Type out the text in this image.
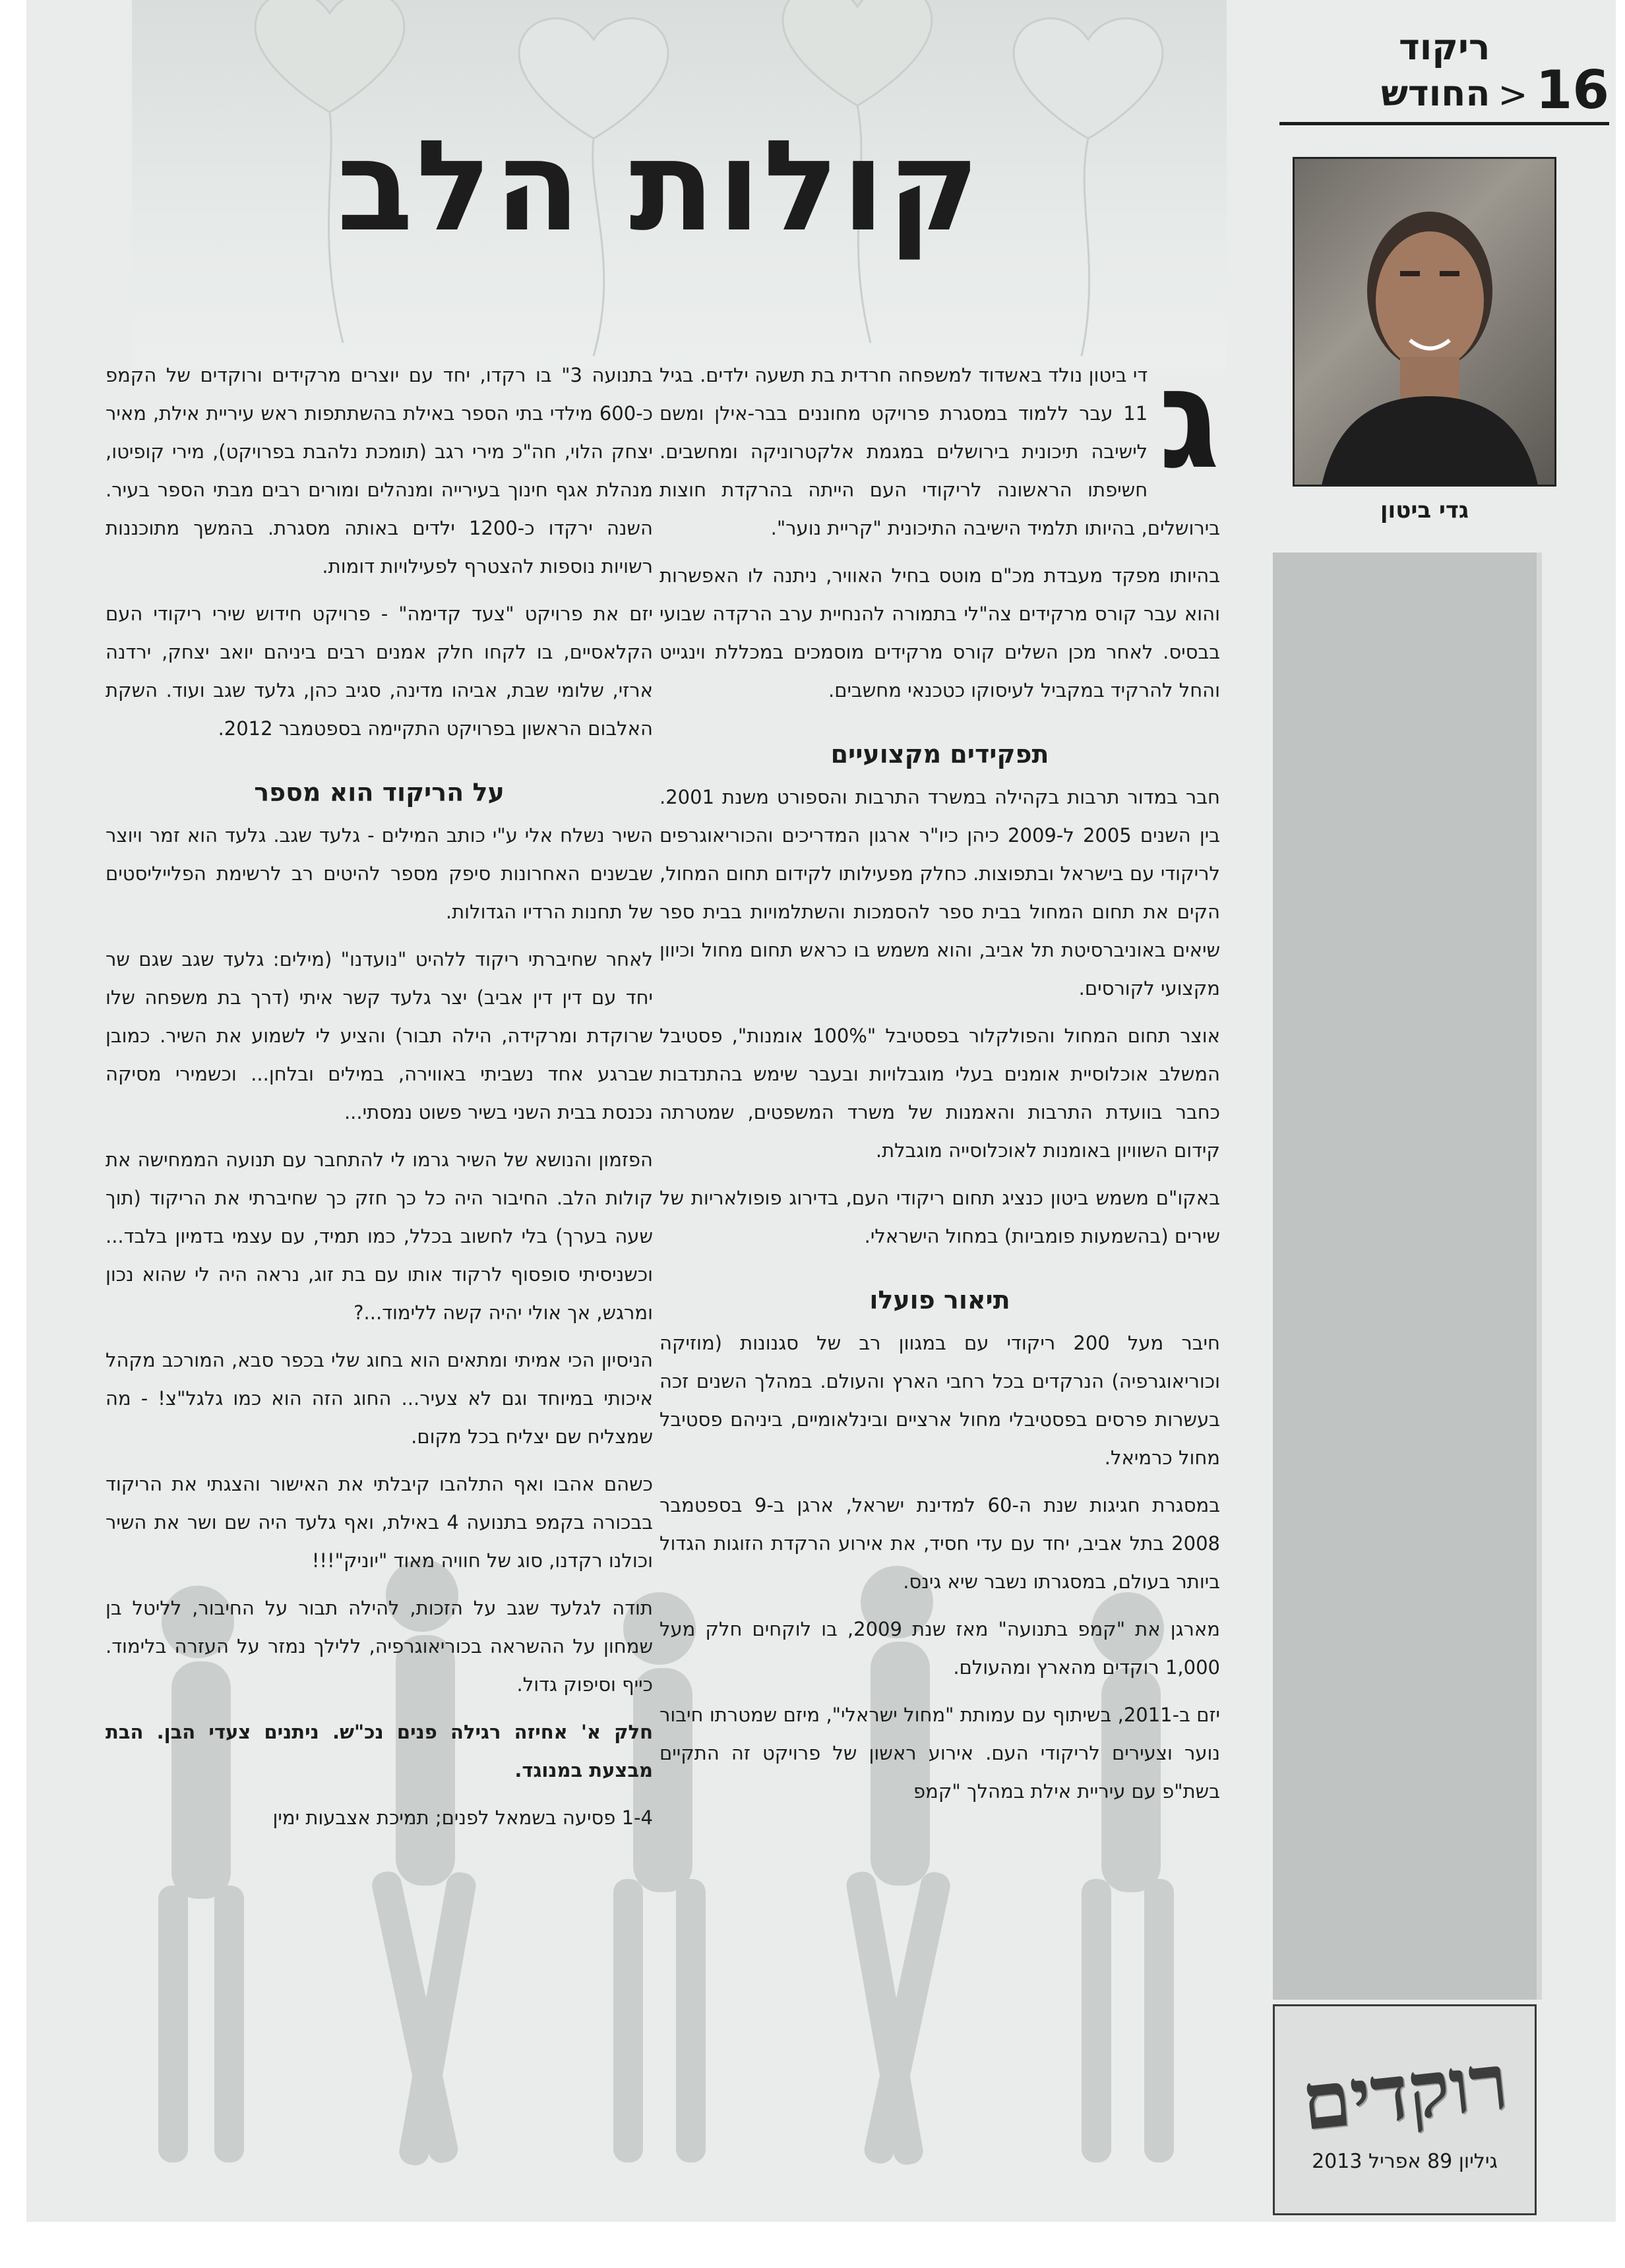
16
<
ריקוד החודש
קולות הלב
גדי ביטון
רוקדים
גיליון 89 אפריל 2013

ג
די ביטון נולד באשדוד למשפחה חרדית בת תשעה ילדים. בגיל 11 עבר ללמוד במסגרת פרויקט מחוננים בבר-אילן ומשם לישיבה תיכונית בירושלים במגמת אלקטרוניקה ומחשבים. חשיפתו הראשונה לריקודי העם הייתה בהרקדת חוצות בירושלים, בהיותו תלמיד הישיבה התיכונית "קריית נוער".

בהיותו מפקד מעבדת מכ"ם מוטס בחיל האוויר, ניתנה לו האפשרות והוא עבר קורס מרקידים צה"לי בתמורה להנחיית ערב הרקדה שבועי בבסיס. לאחר מכן השלים קורס מרקידים מוסמכים במכללת וינגייט והחל להרקיד במקביל לעיסוקו כטכנאי מחשבים.

תפקידים מקצועיים

חבר במדור תרבות בקהילה במשרד התרבות והספורט משנת 2001. בין השנים 2005 ל-2009 כיהן כיו"ר ארגון המדריכים והכוריאוגרפים לריקודי עם בישראל ובתפוצות. כחלק מפעילותו לקידום תחום המחול, הקים את תחום המחול בבית ספר להסמכות והשתלמויות בבית ספר שיאים באוניברסיטת תל אביב, והוא משמש בו כראש תחום מחול וכיוון מקצועי לקורסים.

אוצר תחום המחול והפולקלור בפסטיבל "100% אומנות", פסטיבל המשלב אוכלוסיית אומנים בעלי מוגבלויות ובעבר שימש בהתנדבות כחבר בוועדת התרבות והאמנות של משרד המשפטים, שמטרתה קידום השוויון באומנות לאוכלוסייה מוגבלת.

באקו"ם משמש ביטון כנציג תחום ריקודי העם, בדירוג פופולאריות של שירים (בהשמעות פומביות) במחול הישראלי.

תיאור פועלו

חיבר מעל 200 ריקודי עם במגוון רב של סגנונות (מוזיקה וכוריאוגרפיה) הנרקדים בכל רחבי הארץ והעולם. במהלך השנים זכה בעשרות פרסים בפסטיבלי מחול ארציים ובינלאומיים, ביניהם פסטיבל מחול כרמיאל.

במסגרת חגיגות שנת ה-60 למדינת ישראל, ארגן ב-9 בספטמבר 2008 בתל אביב, יחד עם עדי חסיד, את אירוע הרקדת הזוגות הגדול ביותר בעולם, במסגרתו נשבר שיא גינס.

מארגן את "קמפ בתנועה" מאז שנת 2009, בו לוקחים חלק מעל 1,000 רוקדים מהארץ ומהעולם.

יזם ב-2011, בשיתוף עם עמותת "מחול ישראלי", מיזם שמטרתו חיבור נוער וצעירים לריקודי העם. אירוע ראשון של פרויקט זה התקיים בשת"פ עם עיריית אילת במהלך "קמפ

בתנועה 3" בו רקדו, יחד עם יוצרים מרקידים ורוקדים של הקמפ כ-600 מילדי בתי הספר באילת בהשתתפות ראש עיריית אילת, מאיר יצחק הלוי, חה"כ מירי רגב (תומכת נלהבת בפרויקט), מירי קופיטו, מנהלת אגף חינוך בעירייה ומנהלים ומורים רבים מבתי הספר בעיר. השנה ירקדו כ-1200 ילדים באותה מסגרת. בהמשך מתוכננות רשויות נוספות להצטרף לפעילויות דומות.

יזם את פרויקט "צעד קדימה" - פרויקט חידוש שירי ריקודי העם הקלאסיים, בו לקחו חלק אמנים רבים ביניהם יואב יצחק, ירדנה ארזי, שלומי שבת, אביהו מדינה, סגיב כהן, גלעד שגב ועוד. השקת האלבום הראשון בפרויקט התקיימה בספטמבר 2012.

על הריקוד הוא מספר

השיר נשלח אלי ע"י כותב המילים - גלעד שגב. גלעד הוא זמר ויוצר שבשנים האחרונות סיפק מספר להיטים רב לרשימת הפלייליסטים של תחנות הרדיו הגדולות.

לאחר שחיברתי ריקוד ללהיט "נועדנו" (מילים: גלעד שגב שגם שר יחד עם דין דין אביב) יצר גלעד קשר איתי (דרך בת משפחה שלו שרוקדת ומרקידה, הילה תבור) והציע לי לשמוע את השיר. כמובן שברגע אחד נשביתי באווירה, במילים ובלחן... וכשמירי מסיקה נכנסת בבית השני בשיר פשוט נמסתי...

הפזמון והנושא של השיר גרמו לי להתחבר עם תנועה הממחישה את קולות הלב. החיבור היה כל כך חזק כך שחיברתי את הריקוד (תוך שעה בערך) בלי לחשוב בכלל, כמו תמיד, עם עצמי בדמיון בלבד... וכשניסיתי סופסוף לרקוד אותו עם בת זוג, נראה היה לי שהוא נכון ומרגש, אך אולי יהיה קשה ללימוד...?

הניסיון הכי אמיתי ומתאים הוא בחוג שלי בכפר סבא, המורכב מקהל איכותי במיוחד וגם לא צעיר... החוג הזה הוא כמו גלגל"צ! - מה שמצליח שם יצליח בכל מקום.

כשהם אהבו ואף התלהבו קיבלתי את האישור והצגתי את הריקוד בבכורה בקמפ בתנועה 4 באילת, ואף גלעד היה שם ושר את השיר וכולנו רקדנו, סוג של חוויה מאוד "יוניק"!!!

תודה לגלעד שגב על הזכות, להילה תבור על החיבור, לליטל בן שמחון על ההשראה בכוריאוגרפיה, ללילך נמזר על העזרה בלימוד. כייף וסיפוק גדול.

חלק א' אחיזה רגילה פנים נכ"ש. ניתנים צעדי הבן. הבת מבצעת במנוגד.

1-4 פסיעה בשמאל לפנים; תמיכת אצבעות ימין
